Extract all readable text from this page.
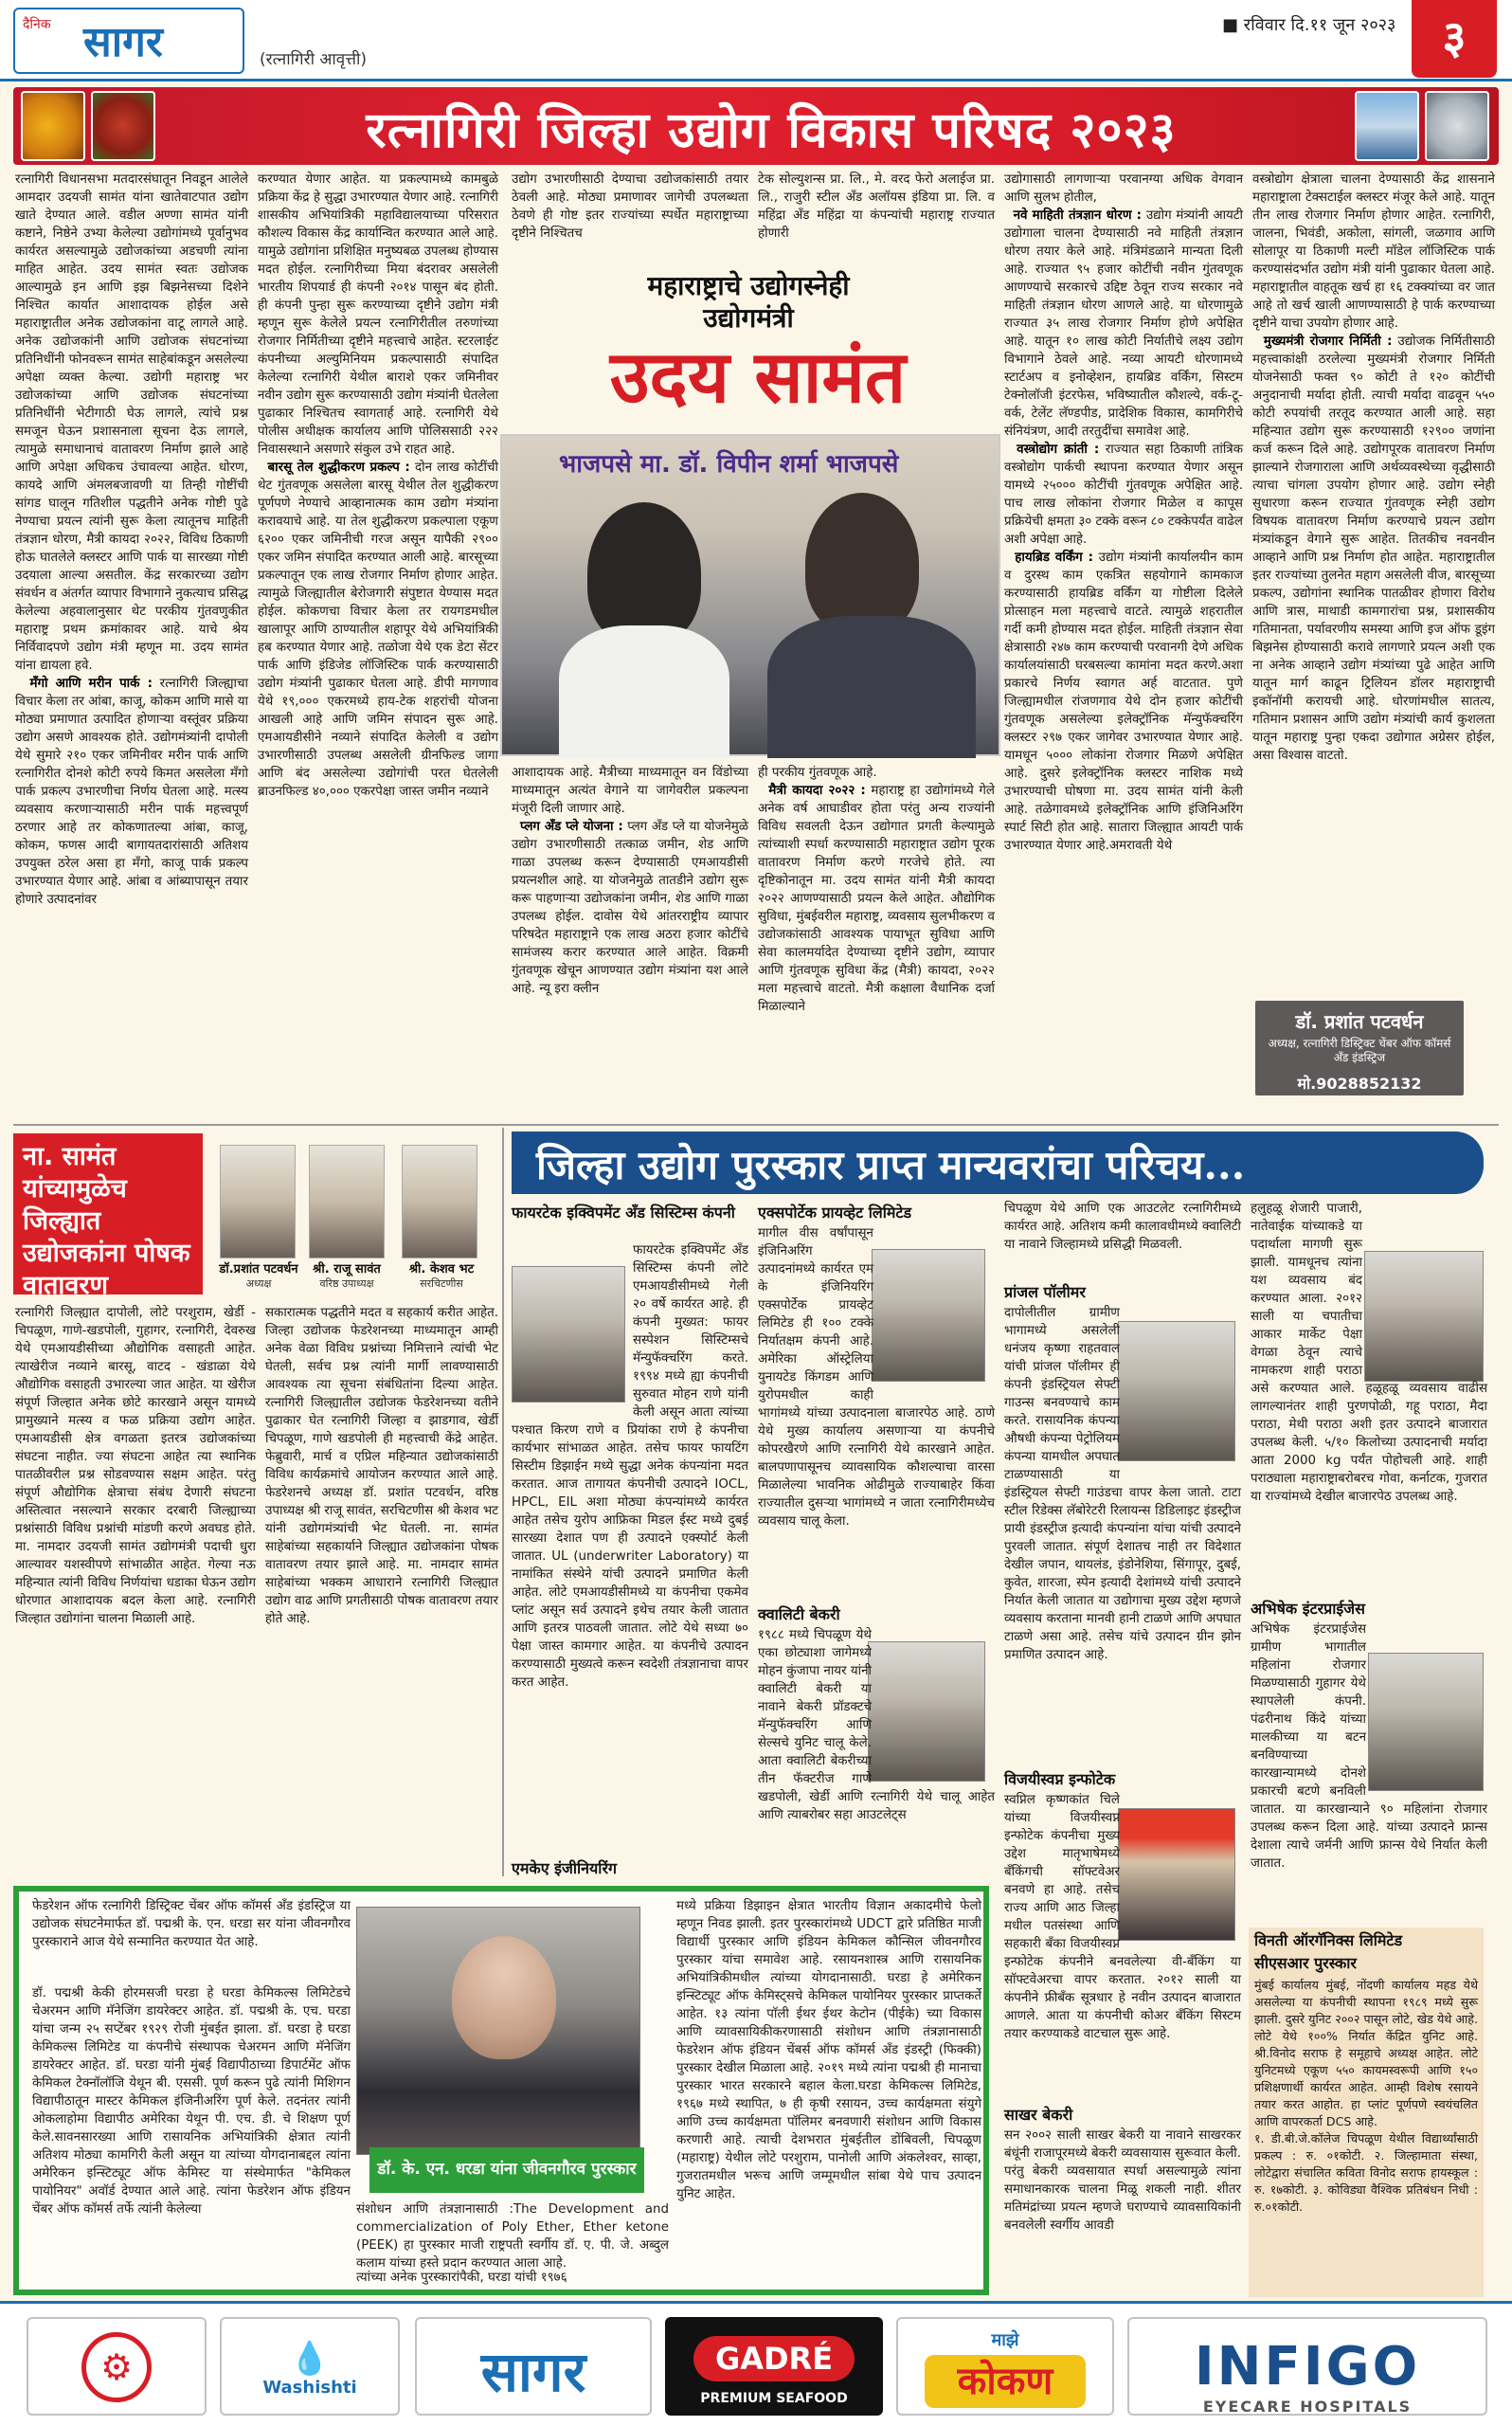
दैनिक सागर	(रत्नागिरी आवृत्ती)
■ रविवार दि.११ जून २०२३	३
रत्नागिरी जिल्हा उद्योग विकास परिषद २०२३
रत्नागिरी विधानसभा मतदारसंघातून निवडून आलेले आमदार उदयजी सामंत यांना खातेवाटपात उद्योग खाते देण्यात आले. वडील अण्णा सामंत यांनी कष्टाने, निष्ठेने उभ्या केलेल्या उद्योगांमध्ये पूर्वानुभव कार्यरत असल्यामुळे उद्योजकांच्या अडचणी त्यांना माहित आहेत. उदय सामंत स्वतः उद्योजक आल्यामुळे इन आणि इझ बिझनेसच्या दिशेने निश्चित कार्यात आशादायक होईल असे महाराष्ट्रातील अनेक उद्योजकांना वाटू लागले आहे. अनेक उद्योजकांनी आणि उद्योजक संघटनांच्या प्रतिनिधींनी फोनवरून सामंत साहेबांकडून असलेल्या अपेक्षा व्यक्त केल्या. उद्योगी महाराष्ट्र भर उद्योजकांच्या आणि उद्योजक संघटनांच्या प्रतिनिधींनी भेटीगाठी घेऊ लागले, त्यांचे प्रश्न समजून घेऊन प्रशासनाला सूचना देऊ लागले, त्यामुळे समाधानाचं वातावरण निर्माण झाले आहे आणि अपेक्षा अधिकच उंचावल्या आहेत. धोरण, कायदे आणि अंमलबजावणी या तिन्ही गोष्टींची सांगड घालून गतिशील पद्धतीने अनेक गोष्टी पुढे नेण्याचा प्रयत्न त्यांनी सुरू केला त्यातूनच माहिती तंत्रज्ञान धोरण, मैत्री कायदा २०२२, विविध ठिकाणी होऊ घातलेले क्लस्टर आणि पार्क या सारख्या गोष्टी उदयाला आल्या असतील. केंद्र सरकारच्या उद्योग संवर्धन व अंतर्गत व्यापार विभागाने नुकत्याच प्रसिद्ध केलेल्या अहवालानुसार थेट परकीय गुंतवणुकीत महाराष्ट्र प्रथम क्रमांकावर आहे. याचे श्रेय निर्विवादपणे उद्योग मंत्री म्हणून मा. उदय सामंत यांना द्यायला हवे.
मँगो आणि मरीन पार्क : रत्नागिरी जिल्ह्याचा विचार केला तर आंबा, काजू, कोकम आणि मासे या मोठ्या प्रमाणात उत्पादित होणाऱ्या वस्तूंवर प्रक्रिया उद्योग असणे आवश्यक होते. उद्योगमंत्र्यांनी दापोली येथे सुमारे २१० एकर जमिनीवर मरीन पार्क आणि रत्नागिरीत दोनशे कोटी रुपये किमत असलेला मँगो पार्क प्रकल्प उभारणीचा निर्णय घेतला आहे. मत्स्य व्यवसाय करणाऱ्यासाठी मरीन पार्क महत्त्वपूर्ण ठरणार आहे तर कोकणातल्या आंबा, काजू, कोकम, फणस आदी बागायतदारांसाठी अतिशय उपयुक्त ठरेल असा हा मँगो, काजू पार्क प्रकल्प उभारण्यात येणार आहे. आंबा व आंब्यापासून तयार होणारे उत्पादनांवर
करण्यात येणार आहेत. या प्रकल्पामध्ये कामबुळे प्रक्रिया केंद्र हे सुद्धा उभारण्यात येणार आहे. रत्नागिरी शासकीय अभियांत्रिकी महाविद्यालयाच्या परिसरात कौशल्य विकास केंद्र कार्यान्वित करण्यात आले आहे. यामुळे उद्योगांना प्रशिक्षित मनुष्यबळ उपलब्ध होण्यास मदत होईल. रत्नागिरीच्या मिया बंदरावर असलेली भारतीय शिपयार्ड ही कंपनी २०१४ पासून बंद होती. ही कंपनी पुन्हा सुरू करण्याच्या दृष्टीने उद्योग मंत्री म्हणून सुरू केलेले प्रयत्न रत्नागिरीतील तरुणांच्या रोजगार निर्मितीच्या दृष्टीने महत्त्वाचे आहेत. स्टरलाईट कंपनीच्या अल्युमिनियम प्रकल्पासाठी संपादित केलेल्या रत्नागिरी येथील बाराशे एकर जमिनीवर नवीन उद्योग सुरू करण्यासाठी उद्योग मंत्र्यांनी घेतलेला पुढाकार निश्चितच स्वागतार्ह आहे. रत्नागिरी येथे पोलीस अधीक्षक कार्यालय आणि पोलिससाठी २२२ निवासस्थाने असणारे संकुल उभे राहत आहे.
बारसू तेल शुद्धीकरण प्रकल्प : दोन लाख कोटींची थेट गुंतवणूक असलेला बारसू येथील तेल शुद्धीकरण पूर्णपणे नेण्याचे आव्हानात्मक काम उद्योग मंत्र्यांना करावयाचे आहे. या तेल शुद्धीकरण प्रकल्पाला एकूण ६२०० एकर जमिनीची गरज असून यापैकी २९०० एकर जमिन संपादित करण्यात आली आहे. बारसूच्या प्रकल्पातून एक लाख रोजगार निर्माण होणार आहेत. त्यामुळे जिल्ह्यातील बेरोजगारी संपुष्टात येण्यास मदत होईल. कोकणचा विचार केला तर रायगडमधील खालापूर आणि ठाण्यातील शहापूर येथे अभियांत्रिकी हब करण्यात येणार आहे. तळोजा येथे एक डेटा सेंटर पार्क आणि इंडिजेड लॉजिस्टिक पार्क करण्यासाठी उद्योग मंत्र्यांनी पुढाकार घेतला आहे. डीपी मागणाव येथे १९,००० एकरमध्ये हाय-टेक शहरांची योजना आखली आहे आणि जमिन संपादन सुरू आहे. एमआयडीसीने नव्याने संपादित केलेली व उद्योग उभारणीसाठी उपलब्ध असलेली ग्रीनफिल्ड जागा आणि बंद असलेल्या उद्योगांची परत घेतलेली ब्राउनफिल्ड ४०,००० एकरपेक्षा जास्त जमीन नव्याने
उद्योग उभारणीसाठी देण्याचा उद्योजकांसाठी तयार ठेवली आहे. मोठ्या प्रमाणावर जागेची उपलब्धता ठेवणे ही गोष्ट इतर राज्यांच्या स्पर्धेत महाराष्ट्राच्या दृष्टीने निश्चितच
टेक सोल्युशन्स प्रा. लि., मे. वरद फेरो अलाईज प्रा. लि., राजुरी स्टील अँड अलॉयस इंडिया प्रा. लि. व महिंद्रा अँड महिंद्रा या कंपन्यांची महाराष्ट्र राज्यात होणारी
महाराष्ट्राचे उद्योगस्नेही
उद्योगमंत्री
उदय सामंत
भाजपसे मा. डॉ. विपीन शर्मा भाजपसे
आशादायक आहे. मैत्रीच्या माध्यमातून वन विंडोच्या माध्यमातून अत्यंत वेगाने या जागेवरील प्रकल्पना मंजूरी दिली जाणार आहे.
प्लग अँड प्ले योजना : प्लग अँड प्ले या योजनेमुळे उद्योग उभारणीसाठी तत्काळ जमीन, शेड आणि गाळा उपलब्ध करून देण्यासाठी एमआयडीसी प्रयत्नशील आहे. या योजनेमुळे तातडीने उद्योग सुरू करू पाहणाऱ्या उद्योजकांना जमीन, शेड आणि गाळा उपलब्ध होईल. दावोस येथे आंतरराष्ट्रीय व्यापार परिषदेत महाराष्ट्राने एक लाख अठरा हजार कोटींचे सामंजस्य करार करण्यात आले आहेत. विक्रमी गुंतवणूक खेचून आणण्यात उद्योग मंत्र्यांना यश आले आहे. न्यू इरा क्लीन
ही परकीय गुंतवणूक आहे.
मैत्री कायदा २०२२ : महाराष्ट्र हा उद्योगांमध्ये गेले अनेक वर्ष आघाडीवर होता परंतु अन्य राज्यांनी विविध सवलती देऊन उद्योगात प्रगती केल्यामुळे त्यांच्याशी स्पर्धा करण्यासाठी महाराष्ट्रात उद्योग पूरक वातावरण निर्माण करणे गरजेचे होते. त्या दृष्टिकोनातून मा. उदय सामंत यांनी मैत्री कायदा २०२२ आणण्यासाठी प्रयत्न केले आहेत. औद्योगिक सुविधा, मुंबईवरील महाराष्ट्र, व्यवसाय सुलभीकरण व उद्योजकांसाठी आवश्यक पायाभूत सुविधा आणि सेवा कालमर्यादेत देण्याच्या दृष्टीने उद्योग, व्यापार आणि गुंतवणूक सुविधा केंद्र (मैत्री) कायदा, २०२२ मला महत्त्वाचे वाटतो. मैत्री कक्षाला वैधानिक दर्जा मिळाल्याने
उद्योगासाठी लागणाऱ्या परवानग्या अधिक वेगवान आणि सुलभ होतील,
नवे माहिती तंत्रज्ञान धोरण : उद्योग मंत्र्यांनी आयटी उद्योगाला चालना देण्यासाठी नवे माहिती तंत्रज्ञान धोरण तयार केले आहे. मंत्रिमंडळाने मान्यता दिली आहे. राज्यात ९५ हजार कोटींची नवीन गुंतवणूक आणण्याचे सरकारचे उद्दिष्ट ठेवून राज्य सरकार नवे माहिती तंत्रज्ञान धोरण आणले आहे. या धोरणामुळे राज्यात ३५ लाख रोजगार निर्माण होणे अपेक्षित आहे. यातून १० लाख कोटी निर्यातीचे लक्ष्य उद्योग विभागाने ठेवले आहे. नव्या आयटी धोरणामध्ये स्टार्टअप व इनोव्हेशन, हायब्रिड वर्किंग, सिस्टम टेक्नोलॉजी इंटरफेस, भविष्यातील कौशल्ये, वर्क-टू-वर्क, टेलेंट लॅण्डपीड, प्रादेशिक विकास, कामगिरीचे संनियंत्रण, आदी तरतुदींचा समावेश आहे.
वस्त्रोद्योग क्रांती : राज्यात सहा ठिकाणी तांत्रिक वस्त्रोद्योग पार्कची स्थापना करण्यात येणार असून यामध्ये २५००० कोटींची गुंतवणूक अपेक्षित आहे. पाच लाख लोकांना रोजगार मिळेल व कापूस प्रक्रियेची क्षमता ३० टक्के वरून ८० टक्केपर्यंत वाढेल अशी अपेक्षा आहे.
हायब्रिड वर्किंग : उद्योग मंत्र्यांनी कार्यालयीन काम व दुरस्थ काम एकत्रित सहयोगाने कामकाज करण्यासाठी हायब्रिड वर्किंग या गोष्टीला दिलेले प्रोत्साहन मला महत्त्वाचे वाटते. त्यामुळे शहरातील गर्दी कमी होण्यास मदत होईल. माहिती तंत्रज्ञान सेवा क्षेत्रासाठी २४७ काम करण्याची परवानगी देणे अधिक कार्यालयांसाठी घरबसल्या कामांना मदत करणे.अशा प्रकारचे निर्णय स्वागत अर्ह वाटतात. पुणे जिल्ह्यामधील रांजणगाव येथे दोन हजार कोटींची गुंतवणूक असलेल्या इलेक्ट्रॉनिक मॅन्युफॅक्चरिंग क्लस्टर २९७ एकर जागेवर उभारण्यात येणार आहे. यामधून ५००० लोकांना रोजगार मिळणे अपेक्षित आहे. दुसरे इलेक्ट्रॉनिक क्लस्टर नाशिक मध्ये उभारण्याची घोषणा मा. उदय सामंत यांनी केली आहे. तळेगावमध्ये इलेक्ट्रॉनिक आणि इंजिनिअरिंग स्पार्ट सिटी होत आहे. सातारा जिल्ह्यात आयटी पार्क उभारण्यात येणार आहे.अमरावती येथे
वस्त्रोद्योग क्षेत्राला चालना देण्यासाठी केंद्र शासनाने महाराष्ट्राला टेक्सटाईल क्लस्टर मंजूर केले आहे. यातून तीन लाख रोजगार निर्माण होणार आहेत. रत्नागिरी, जालना, भिवंडी, अकोला, सांगली, जळगाव आणि सोलापूर या ठिकाणी मल्टी मॉडेल लॉजिस्टिक पार्क करण्यासंदर्भात उद्योग मंत्री यांनी पुढाकार घेतला आहे. महाराष्ट्रातील वाहतूक खर्च हा १६ टक्क्यांच्या वर जात आहे तो खर्च खाली आणण्यासाठी हे पार्क करण्याच्या दृष्टीने याचा उपयोग होणार आहे.
मुख्यमंत्री रोजगार निर्मिती : उद्योजक निर्मितीसाठी महत्त्वाकांक्षी ठरलेल्या मुख्यमंत्री रोजगार निर्मिती योजनेसाठी फक्त ९० कोटी ते १२० कोटींची अनुदानाची मर्यादा होती. त्याची मर्यादा वाढवून ५५० कोटी रुपयांची तरतूद करण्यात आली आहे. सहा महिन्यात उद्योग सुरू करण्यासाठी १२९०० जणांना कर्ज करून दिले आहे. उद्योगपूरक वातावरण निर्माण झाल्याने रोजगाराला आणि अर्थव्यवस्थेच्या वृद्धीसाठी त्याचा चांगला उपयोग होणार आहे. उद्योग स्नेही सुधारणा करून राज्यात गुंतवणूक स्नेही उद्योग विषयक वातावरण निर्माण करण्याचे प्रयत्न उद्योग मंत्र्यांकडून वेगाने सुरू आहेत. तितकीच नवनवीन आव्हाने आणि प्रश्न निर्माण होत आहेत. महाराष्ट्रातील इतर राज्यांच्या तुलनेत महाग असलेली वीज, बारसूच्या प्रकल्प, उद्योगांना स्थानिक पातळीवर होणारा विरोध आणि त्रास, माथाडी कामगारांचा प्रश्न, प्रशासकीय गतिमानता, पर्यावरणीय समस्या आणि इज ऑफ डूइंग बिझनेस होण्यासाठी करावे लागणारे प्रयत्न अशी एक ना अनेक आव्हाने उद्योग मंत्र्यांच्या पुढे आहेत आणि यातून मार्ग काढून ट्रिलियन डॉलर महाराष्ट्राची इकॉनॉमी करायची आहे. धोरणांमधील सातत्य, गतिमान प्रशासन आणि उद्योग मंत्र्यांची कार्य कुशलता यातून महाराष्ट्र पुन्हा एकदा उद्योगात अग्रेसर होईल, असा विश्वास वाटतो.
डॉ. प्रशांत पटवर्धन
अध्यक्ष, रत्नागिरी डिस्ट्रिक्ट चेंबर ऑफ कॉमर्स अँड इंडस्ट्रिज
मो.9028852132
ना. सामंत यांच्यामुळेच जिल्ह्यात उद्योजकांना पोषक वातावरण
डॉ.प्रशांत पटवर्धन
अध्यक्ष
श्री. राजू सावंत
वरिष्ठ उपाध्यक्ष
श्री. केशव भट
सरचिटणीस
रत्नागिरी जिल्ह्यात दापोली, लोटे परशुराम, खेर्डी - चिपळूण, गाणे-खडपोली, गुहागर, रत्नागिरी, देवरुख येथे एमआयडीसीच्या औद्योगिक वसाहती आहेत. त्याखेरीज नव्याने बारसू, वाटद - खंडाळा येथे औद्योगिक वसाहती उभारल्या जात आहेत. या खेरीज संपूर्ण जिल्हात अनेक छोटे कारखाने असून यामध्ये प्रामुख्याने मत्स्य व फळ प्रक्रिया उद्योग आहेत. एमआयडीसी क्षेत्र वगळता इतरत्र उद्योजकांच्या संघटना नाहीत. ज्या संघटना आहेत त्या स्थानिक पातळीवरील प्रश्न सोडवण्यास सक्षम आहेत. परंतु संपूर्ण औद्योगिक क्षेत्राचा संबंध देणारी संघटना अस्तित्वात नसल्याने सरकार दरबारी जिल्ह्याच्या प्रश्नांसाठी विविध प्रश्नांची मांडणी करणे अवघड होते. मा. नामदार उदयजी सामंत उद्योगमंत्री पदाची धुरा आल्यावर यशस्वीपणे सांभाळीत आहेत. गेल्या नऊ महिन्यात त्यांनी विविध निर्णयांचा धडाका घेऊन उद्योग धोरणात आशादायक बदल केला आहे. रत्नागिरी जिल्हात उद्योगांना चालना मिळाली आहे.
सकारात्मक पद्धतीने मदत व सहकार्य करीत आहेत. जिल्हा उद्योजक फेडरेशनच्या माध्यमातून आम्ही अनेक वेळा विविध प्रश्नांच्या निमित्ताने त्यांची भेट घेतली, सर्वच प्रश्न त्यांनी मार्गी लावण्यासाठी आवश्यक त्या सूचना संबंधितांना दिल्या आहेत. रत्नागिरी जिल्ह्यातील उद्योजक फेडरेशनच्या वतीने पुढाकार घेत रत्नागिरी जिल्हा व झाडगाव, खेर्डी चिपळूण, गाणे खडपोली ही महत्त्वाची केंद्रे आहेत. फेब्रुवारी, मार्च व एप्रिल महिन्यात उद्योजकांसाठी विविध कार्यक्रमांचे आयोजन करण्यात आले आहे. फेडरेशनचे अध्यक्ष डॉ. प्रशांत पटवर्धन, वरिष्ठ उपाध्यक्ष श्री राजू सावंत, सरचिटणीस श्री केशव भट यांनी उद्योगमंत्र्यांची भेट घेतली. ना. सामंत साहेबांच्या सहकार्याने जिल्ह्यात उद्योजकांना पोषक वातावरण तयार झाले आहे. मा. नामदार सामंत साहेबांच्या भक्कम आधाराने रत्नागिरी जिल्ह्यात उद्योग वाढ आणि प्रगतीसाठी पोषक वातावरण तयार होते आहे.
जिल्हा उद्योग पुरस्कार प्राप्त मान्यवरांचा परिचय...
फायरटेक इक्विपमेंट अँड सिस्टिम्स कंपनी
फायरटेक इक्विपमेंट अँड सिस्टिम्स कंपनी लोटे एमआयडीसीमध्ये गेली २० वर्षे कार्यरत आहे. ही कंपनी मुख्यत: फायर सस्पेशन सिस्टिम्सचे मॅन्युफॅक्चरिंग करते. १९९४ मध्ये ह्या कंपनीची सुरुवात मोहन राणे यांनी केली असून आता त्यांच्या पश्चात किरण राणे व प्रियांका राणे हे कंपनीचा कार्यभार सांभाळत आहेत. तसेच फायर फायटिंग सिस्टीम डिझाईन मध्ये सुद्धा अनेक कंपन्यांना मदत करतात. आज तागायत कंपनीची उत्पादने IOCL, HPCL, EIL अशा मोठ्या कंपन्यांमध्ये कार्यरत आहेत तसेच युरोप आफ्रिका मिडल ईस्ट मध्ये दुबई सारख्या देशात पण ही उत्पादने एक्स्पोर्ट केली जातात. UL (underwriter Laboratory) या नामांकित संस्थेने यांची उत्पादने प्रमाणित केली आहेत. लोटे एमआयडीसीमध्ये या कंपनीचा एकमेव प्लांट असून सर्व उत्पादने इथेच तयार केली जातात आणि इतरत्र पाठवली जातात. लोटे येथे सध्या ७० पेक्षा जास्त कामगार आहेत. या कंपनीचे उत्पादन करण्यासाठी मुख्यत्वे करून स्वदेशी तंत्रज्ञानाचा वापर करत आहेत.
एमकेए इंजीनियरिंग
एक्सपोर्टेक प्रायव्हेट लिमिटेड
मागील वीस वर्षांपासून इंजिनिअरिंग उत्पादनांमध्ये कार्यरत एम के इंजिनियरिंग एक्सपोर्टेक प्रायव्हेट लिमिटेड ही १०० टक्के निर्यातक्षम कंपनी आहे. अमेरिका ऑस्ट्रेलिया युनायटेड किंगडम आणि युरोपमधील काही भागांमध्ये यांच्या उत्पादनाला बाजारपेठ आहे. ठाणे येथे मुख्य कार्यालय असणाऱ्या या कंपनीचे कोपरखैरणे आणि रत्नागिरी येथे कारखाने आहेत. बालपणापासूनच व्यावसायिक कौशल्याचा वारसा मिळालेल्या भावनिक ओढीमुळे राज्याबाहेर किंवा राज्यातील दुसऱ्या भागांमध्ये न जाता रत्नागिरीमध्येच व्यवसाय चालू केला.
क्वालिटी बेकरी
१९८८ मध्ये चिपळूण येथे एका छोट्याशा जागेमध्ये मोहन कुंजापा नायर यांनी क्वालिटी बेकरी या नावाने बेकरी प्रॉडक्टचे मॅन्युफॅक्चरिंग आणि सेल्सचे युनिट चालू केले. आता क्वालिटी बेकरीच्या तीन फॅक्टरीज गाणे खडपोली, खेर्डी आणि रत्नागिरी येथे चालू आहेत आणि त्याबरोबर सहा आउटलेट्स
चिपळूण येथे आणि एक आउटलेट रत्नागिरीमध्ये कार्यरत आहे. अतिशय कमी कालावधीमध्ये क्वालिटी या नावाने जिल्हामध्ये प्रसिद्धी मिळवली.
प्रांजल पॉलीमर
दापोलीतील ग्रामीण भागामध्ये असलेली धनंजय कृष्णा राहतवाल यांची प्रांजल पॉलीमर ही कंपनी इंडस्ट्रियल सेफ्टी गाउन्स बनवण्याचे काम करते. रासायनिक कंपन्या औषधी कंपन्या पेट्रोलियम कंपन्या यामधील अपघात टाळण्यासाठी या इंडस्ट्रियल सेफ्टी गाउंडचा वापर केला जातो. टाटा स्टील रिडेक्स लॅबोरेटरी रिलायन्स डिडिलाइट इंडस्ट्रीज प्रायी इंडस्ट्रीज इत्यादी कंपन्यांना यांचा यांची उत्पादने पुरवली जातात. संपूर्ण देशातच नाही तर विदेशात देखील जपान, थायलंड, इंडोनेशिया, सिंगापूर, दुबई, कुवेत, शारजा, स्पेन इत्यादी देशांमध्ये यांची उत्पादने निर्यात केली जातात या उद्योगाचा मुख्य उद्देश म्हणजे व्यवसाय करताना मानवी हानी टाळणे आणि अपघात टाळणे असा आहे. तसेच यांचे उत्पादन ग्रीन झोन प्रमाणित उत्पादन आहे.
विजयीस्वप्न इन्फोटेक
स्वप्निल कृष्णकांत चिले यांच्या विजयीस्वप्न इन्फोटेक कंपनीचा मुख्य उद्देश मातृभाषेमध्ये बँकिंगची सॉफ्टवेअर बनवणे हा आहे. तसेच राज्य आणि आठ जिल्हा मधील पतसंस्था आणि सहकारी बँका विजयीस्वप्न इन्फोटेक कंपनीने बनवलेल्या वी-बँकिंग या सॉफ्टवेअरचा वापर करतात. २०१२ साली या कंपनीने फ्रीबँक सूत्रधार हे नवीन उत्पादन बाजारात आणले. आता या कंपनीची कोअर बँकिंग सिस्टम तयार करण्याकडे वाटचाल सुरू आहे.
साखर बेकरी
सन २००२ साली साखर बेकरी या नावाने साखरकर बंधूंनी राजापूरमध्ये बेकरी व्यवसायास सुरूवात केली. परंतु बेकरी व्यवसायात स्पर्धा असल्यामुळे त्यांना समाधानकारक चालना मिळू शकली नाही. शीतर मतिमंद्रांच्या प्रयत्न म्हणजे घराण्याचे व्यावसायिकांनी बनवलेली स्वर्गीय आवडी
हलुहळू शेजारी पाजारी, नातेवाईक यांच्याकडे या पदार्थाला मागणी सुरू झाली. यामधूनच त्यांना यश व्यवसाय बंद करण्यात आला. २०१२ साली या चपातीचा आकार मार्केट पेक्षा वेगळा ठेवून त्याचे नामकरण शाही पराठा असे करण्यात आले. हळूहळू व्यवसाय वाढीस लागल्यानंतर शाही पुरणपोळी, गहू पराठा, मैदा पराठा, मेथी पराठा अशी इतर उत्पादने बाजारात उपलब्ध केली. ५/१० किलोच्या उत्पादनाची मर्यादा आता 2000 kg पर्यंत पोहोचली आहे. शाही पराठ्याला महाराष्ट्राबरोबरच गोवा, कर्नाटक, गुजरात या राज्यांमध्ये देखील बाजारपेठ उपलब्ध आहे.
अभिषेक इंटरप्राईजेस
अभिषेक इंटरप्राईजेस ग्रामीण भागातील महिलांना रोजगार मिळण्यासाठी गुहागर येथे स्थापलेली कंपनी. पंढरीनाथ किंदे यांच्या मालकीच्या या बटन बनविण्याच्या कारखान्यामध्ये दोनशे प्रकारची बटणे बनविली जातात. या कारखान्याने ९० महिलांना रोजगार उपलब्ध करून दिला आहे. यांच्या उत्पादने फ्रान्स देशाला त्याचे जर्मनी आणि फ्रान्स येथे निर्यात केली जातात.
विनती ऑरगॅनिक्स लिमिटेड
सीएसआर पुरस्कार
मुंबई कार्यालय मुंबई, नोंदणी कार्यालय महड येथे असलेल्या या कंपनीची स्थापना १९८९ मध्ये सुरू झाली. दुसरे युनिट २००२ पासून लोटे, खेड येथे आहे. लोटे येथे १००% निर्यात केंद्रित युनिट आहे. श्री.विनोद सराफ हे समूहाचे अध्यक्ष आहेत. लोटे युनिटमध्ये एकूण ५५० कायमस्वरूपी आणि १५० प्रशिक्षणार्थी कार्यरत आहेत. आम्ही विशेष रसायने तयार करत आहोत. हा प्लांट पूर्णपणे स्वयंचलित आणि वापरकर्ता DCS आहे.
१. डी.बी.जे.कॉलेज चिपळूण येथील विद्यार्थ्यांसाठी प्रकल्प : रु. ०१कोटी. २. जिल्हामाता संस्था, लोटेद्वारा संचालित कविता विनोद सराफ हायस्कूल : रु. १७कोटी. ३. कोविड्या वैश्विक प्रतिबंधन निधी : रु.०१कोटी.
फेडरेशन ऑफ रत्नागिरी डिस्ट्रिक्ट चेंबर ऑफ कॉमर्स अँड इंडस्ट्रिज या उद्योजक संघटनेमार्फत डॉ. पद्मश्री के. एन. धरडा सर यांना जीवनगौरव पुरस्काराने आज येथे सन्मानित करण्यात येत आहे.
डॉ. पद्मश्री केकी होरमसजी घरडा हे घरडा केमिकल्स लिमिटेडचे चेअरमन आणि मॅनेजिंग डायरेक्टर आहेत. डॉ. पद्मश्री के. एच. घरडा यांचा जन्म २५ सप्टेंबर १९२९ रोजी मुंबईत झाला. डॉ. घरडा हे घरडा केमिकल्स लिमिटेड या कंपनीचे संस्थापक चेअरमन आणि मॅनेजिंग डायरेक्टर आहेत. डॉ. घरडा यांनी मुंबई विद्यापीठाच्या डिपार्टमेंट ऑफ केमिकल टेक्नॉलॉजि येथून बी. एससी. पूर्ण करून पुढे त्यांनी मिशिगन विद्यापीठातून मास्टर केमिकल इंजिनीअरिंग पूर्ण केले. तदनंतर त्यांनी ओकलाहोमा विद्यापीठ अमेरिका येथून पी. एच. डी. चे शिक्षण पूर्ण केले.सावनसारख्या आणि रासायनिक अभियांत्रिकी क्षेत्रात त्यांनी अतिशय मोठ्या कामगिरी केली असून या त्यांच्या योगदानाबद्दल त्यांना अमेरिकन इन्स्टिट्यूट ऑफ केमिस्ट या संस्थेमार्फत "केमिकल पायोनियर" अवॉर्ड देण्यात आले आहे. त्यांना फेडरेशन ऑफ इंडियन चेंबर ऑफ कॉमर्स तर्फे त्यांनी केलेल्या
डॉ. के. एन. धरडा यांना जीवनगौरव पुरस्कार
संशोधन आणि तंत्रज्ञानासाठी :The Development and commercialization of Poly Ether, Ether ketone (PEEK) हा पुरस्कार माजी राष्ट्रपती स्वर्गीय डॉ. ए. पी. जे. अब्दुल कलाम यांच्या हस्ते प्रदान करण्यात आला आहे.
त्यांच्या अनेक पुरस्कारांपैकी, घरडा यांची १९७६
मध्ये प्रक्रिया डिझाइन क्षेत्रात भारतीय विज्ञान अकादमीचे फेलो म्हणून निवड झाली. इतर पुरस्कारांमध्ये UDCT द्वारे प्रतिष्ठित माजी विद्यार्थी पुरस्कार आणि इंडियन केमिकल कौन्सिल जीवनगौरव पुरस्कार यांचा समावेश आहे. रसायनशास्त्र आणि रासायनिक अभियांत्रिकीमधील त्यांच्या योगदानासाठी. घरडा हे अमेरिकन इन्स्टिट्यूट ऑफ केमिस्ट्सचे केमिकल पायोनियर पुरस्कार प्राप्तकर्ते आहेत. १३ त्यांना पाॅली ईथर ईथर केटोन (पीईके) च्या विकास आणि व्यावसायिकीकरणासाठी संशोधन आणि तंत्रज्ञानासाठी फेडरेशन ऑफ इंडियन चेंबर्स ऑफ कॉमर्स अँड इंडस्ट्री (फिक्की) पुरस्कार देखील मिळाला आहे. २०१९ मध्ये त्यांना पद्मश्री ही मानाचा पुरस्कार भारत सरकारने बहाल केला.घरडा केमिकल्स लिमिटेड, १९६७ मध्ये स्थापित, ७ ही कृषी रसायन, उच्च कार्यक्षमता संयुगे आणि उच्च कार्यक्षमता पॉलिमर बनवणारी संशोधन आणि विकास करणारी आहे. त्याची देशभरात मुंबईतील डोंबिवली, चिपळूण (महाराष्ट्र) येथील लोटे परशुराम, पानोली आणि अंकलेश्वर, साव्हा, गुजरातमधील भरूच आणि जम्मूमधील सांबा येथे पाच उत्पादन युनिट आहेत.
⚙	💧
Washishti	सागर	GADRÉ
PREMIUM SEAFOOD
माझे
कोकण	INFIGO
EYECARE HOSPITALS
